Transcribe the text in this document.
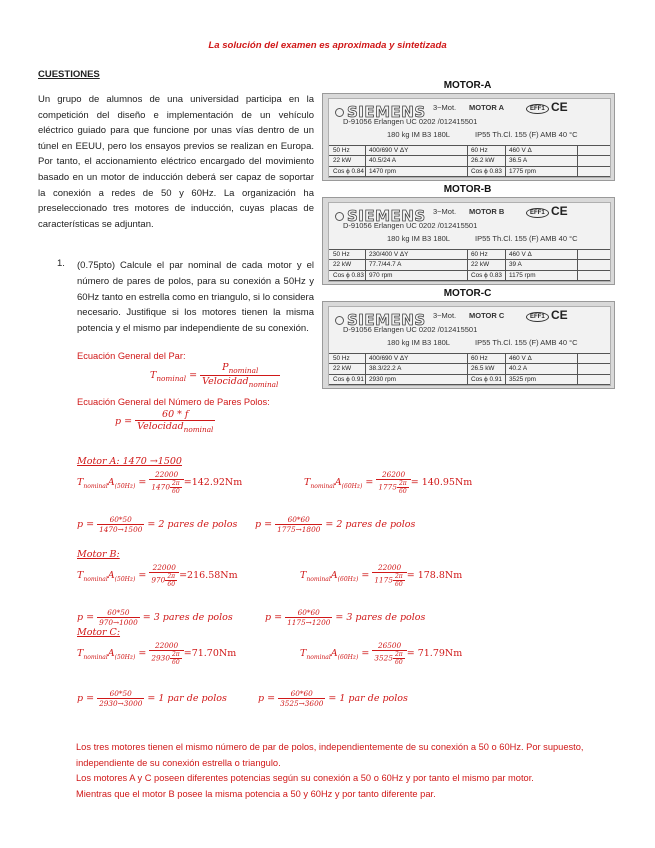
La solución del examen es aproximada y sintetizada
CUESTIONES
Un grupo de alumnos de una universidad participa en la competición del diseño e implementación de un vehículo eléctrico guiado para que funcione por unas vías dentro de un túnel en EEUU, pero los ensayos previos se realizan en Europa. Por tanto, el accionamiento eléctrico encargado del movimiento basado en un motor de inducción deberá ser capaz de soportar la conexión a redes de 50 y 60Hz. La organización ha preseleccionado tres motores de inducción, cuyas placas de características se adjuntan.
1. (0.75pto) Calcule el par nominal de cada motor y el número de pares de polos, para su conexión a 50Hz y 60Hz tanto en estrella como en triangulo, si lo considera necesario. Justifique si los motores tienen la misma potencia y el mismo par independiente de su conexión.
MOTOR-A
SIEMENS 3~Mot. MOTOR A	EFF1 CE
D-91056 Erlangen UC 0202 /012415501
180 kg IM B3 180L	IP55 Th.Cl. 155 (F) AMB 40 °C
50 Hz	400/690 V ΔY	60 Hz	460 V Δ
22 kW	40.5/24 A	26.2 kW 36.5 A
Cos ϕ 0.84 1470 rpm	Cos ϕ 0.83 1775 rpm
MOTOR-B
SIEMENS 3~Mot. MOTOR B	EFF1 CE
D-91056 Erlangen UC 0202 /012415501
180 kg IM B3 180L	IP55 Th.Cl. 155 (F) AMB 40 °C
50 Hz	230/400 V ΔY	60 Hz	460 V Δ
22 kW	77.7/44.7 A	22 kW	39 A
Cos ϕ 0.83 970 rpm	Cos ϕ 0.83 1175 rpm
MOTOR-C
SIEMENS 3~Mot. MOTOR C	EFF1 CE
D-91056 Erlangen UC 0202 /012415501
180 kg IM B3 180L	IP55 Th.Cl. 155 (F) AMB 40 °C
50 Hz	400/690 V ΔY	60 Hz	460 V Δ
22 kW	38.3/22.2 A	26.5 kW 40.2 A
Cos ϕ 0.91 2930 rpm	Cos ϕ 0.91 3525 rpm
Ecuación General del Par:
$T_{nominal} = \frac{P_{nominal}}{Velocidad_{nominal}}$
Ecuación General del Número de Pares Polos:
$p = \frac{60 * f}{Velocidad_{nominal}}$
Motor A: 1470 →1500
$T_{nominal}A_{(50Hz)} = \frac{22000}{1470 \frac{2\pi}{60}} =142.92Nm$	$T_{nominal}A_{(60Hz)} = \frac{26200}{1775 \frac{2\pi}{60}} = 140.95Nm$
$p = \frac{60*50}{1470\to 1500} = 2$ pares de polos $p = \frac{60*60}{1775\to 1800} = 2$ pares de polos
Motor B:
$T_{nominal}A_{(50Hz)} = \frac{22000}{970 \frac{2\pi}{60}} =216.58Nm$	$T_{nominal}A_{(60Hz)} = \frac{22000}{1175 \frac{2\pi}{60}} = 178.8Nm$
$p = \frac{60*50}{970\to 1000} = 3$ pares de polos	$p = \frac{60*60}{1175\to 1200} = 3$ pares de polos
Motor C:
$T_{nominal}A_{(50Hz)} = \frac{22000}{2930 \frac{2\pi}{60}} =71.70Nm$	$T_{nominal}A_{(60Hz)} = \frac{26500}{3525 \frac{2\pi}{60}} = 71.79Nm$
$p = \frac{60*50}{2930\to 3000} = 1$ par de polos	$p = \frac{60*60}{3525\to 3600} = 1$ par de polos
Los tres motores tienen el mismo número de par de polos, independientemente de su conexión a 50 o 60Hz. Por supuesto, independiente de su conexión estrella o triangulo.
Los motores A y C poseen diferentes potencias según su conexión a 50 o 60Hz y por tanto el mismo par motor.
Mientras que el motor B posee la misma potencia a 50 y 60Hz y por tanto diferente par.
